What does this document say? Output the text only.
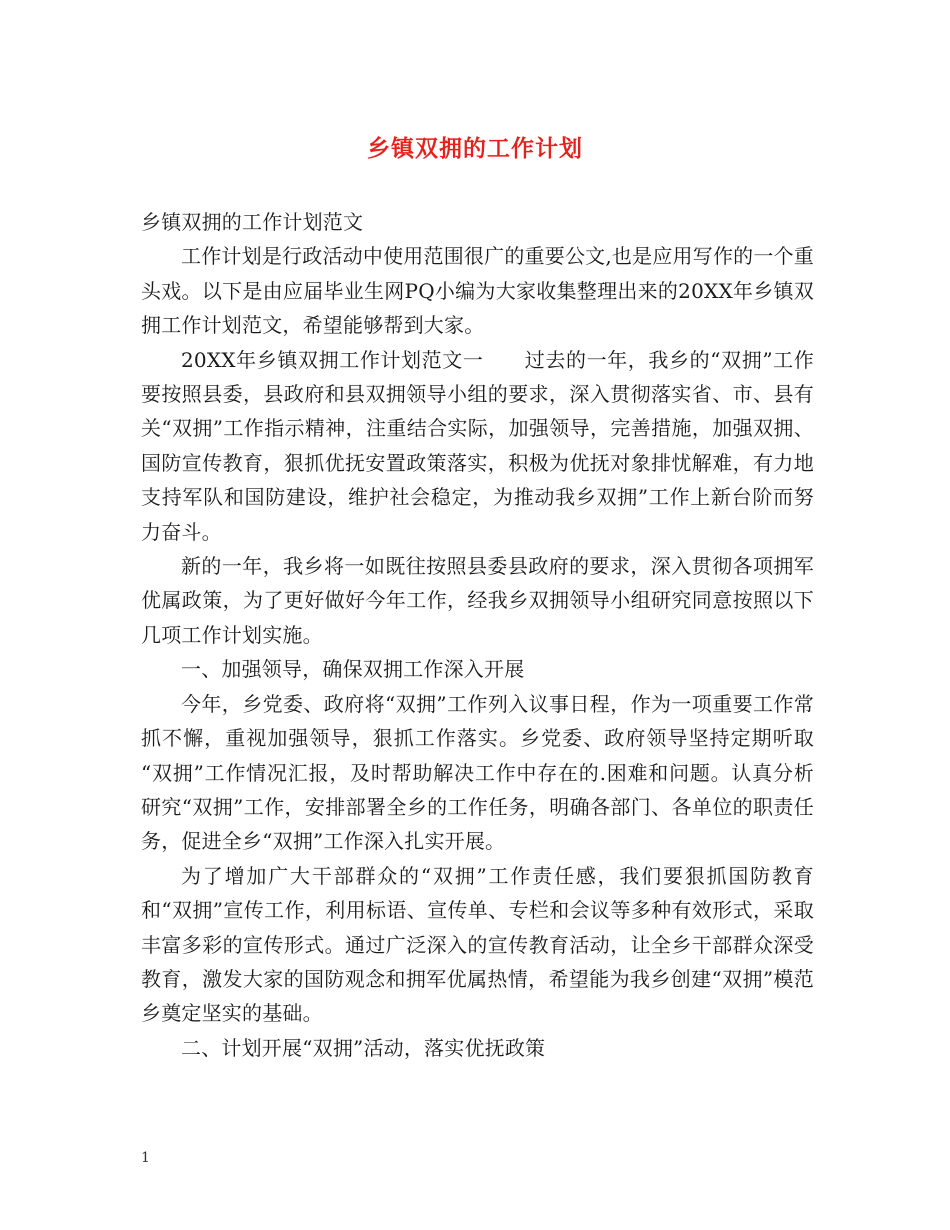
乡镇双拥的工作计划

乡镇双拥的工作计划范文

工作计划是行政活动中使用范围很广的重要公文,也是应用写作的一个重头戏。以下是由应届毕业生网PQ小编为大家收集整理出来的20XX年乡镇双拥工作计划范文，希望能够帮到大家。

20XX年乡镇双拥工作计划范文一　　过去的一年，我乡的“双拥”工作要按照县委，县政府和县双拥领导小组的要求，深入贯彻落实省、市、县有关“双拥”工作指示精神，注重结合实际，加强领导，完善措施，加强双拥、国防宣传教育，狠抓优抚安置政策落实，积极为优抚对象排忧解难，有力地支持军队和国防建设，维护社会稳定，为推动我乡双拥”工作上新台阶而努力奋斗。

新的一年，我乡将一如既往按照县委县政府的要求，深入贯彻各项拥军优属政策，为了更好做好今年工作，经我乡双拥领导小组研究同意按照以下几项工作计划实施。

一、加强领导，确保双拥工作深入开展

今年，乡党委、政府将“双拥”工作列入议事日程，作为一项重要工作常抓不懈，重视加强领导，狠抓工作落实。乡党委、政府领导坚持定期听取 “双拥”工作情况汇报，及时帮助解决工作中存在的.困难和问题。认真分析研究“双拥”工作，安排部署全乡的工作任务，明确各部门、各单位的职责任务，促进全乡“双拥”工作深入扎实开展。

为了增加广大干部群众的“双拥”工作责任感，我们要狠抓国防教育和“双拥”宣传工作，利用标语、宣传单、专栏和会议等多种有效形式，采取丰富多彩的宣传形式。通过广泛深入的宣传教育活动，让全乡干部群众深受教育，激发大家的国防观念和拥军优属热情，希望能为我乡创建“双拥”模范乡奠定坚实的基础。

二、计划开展“双拥”活动，落实优抚政策

1
